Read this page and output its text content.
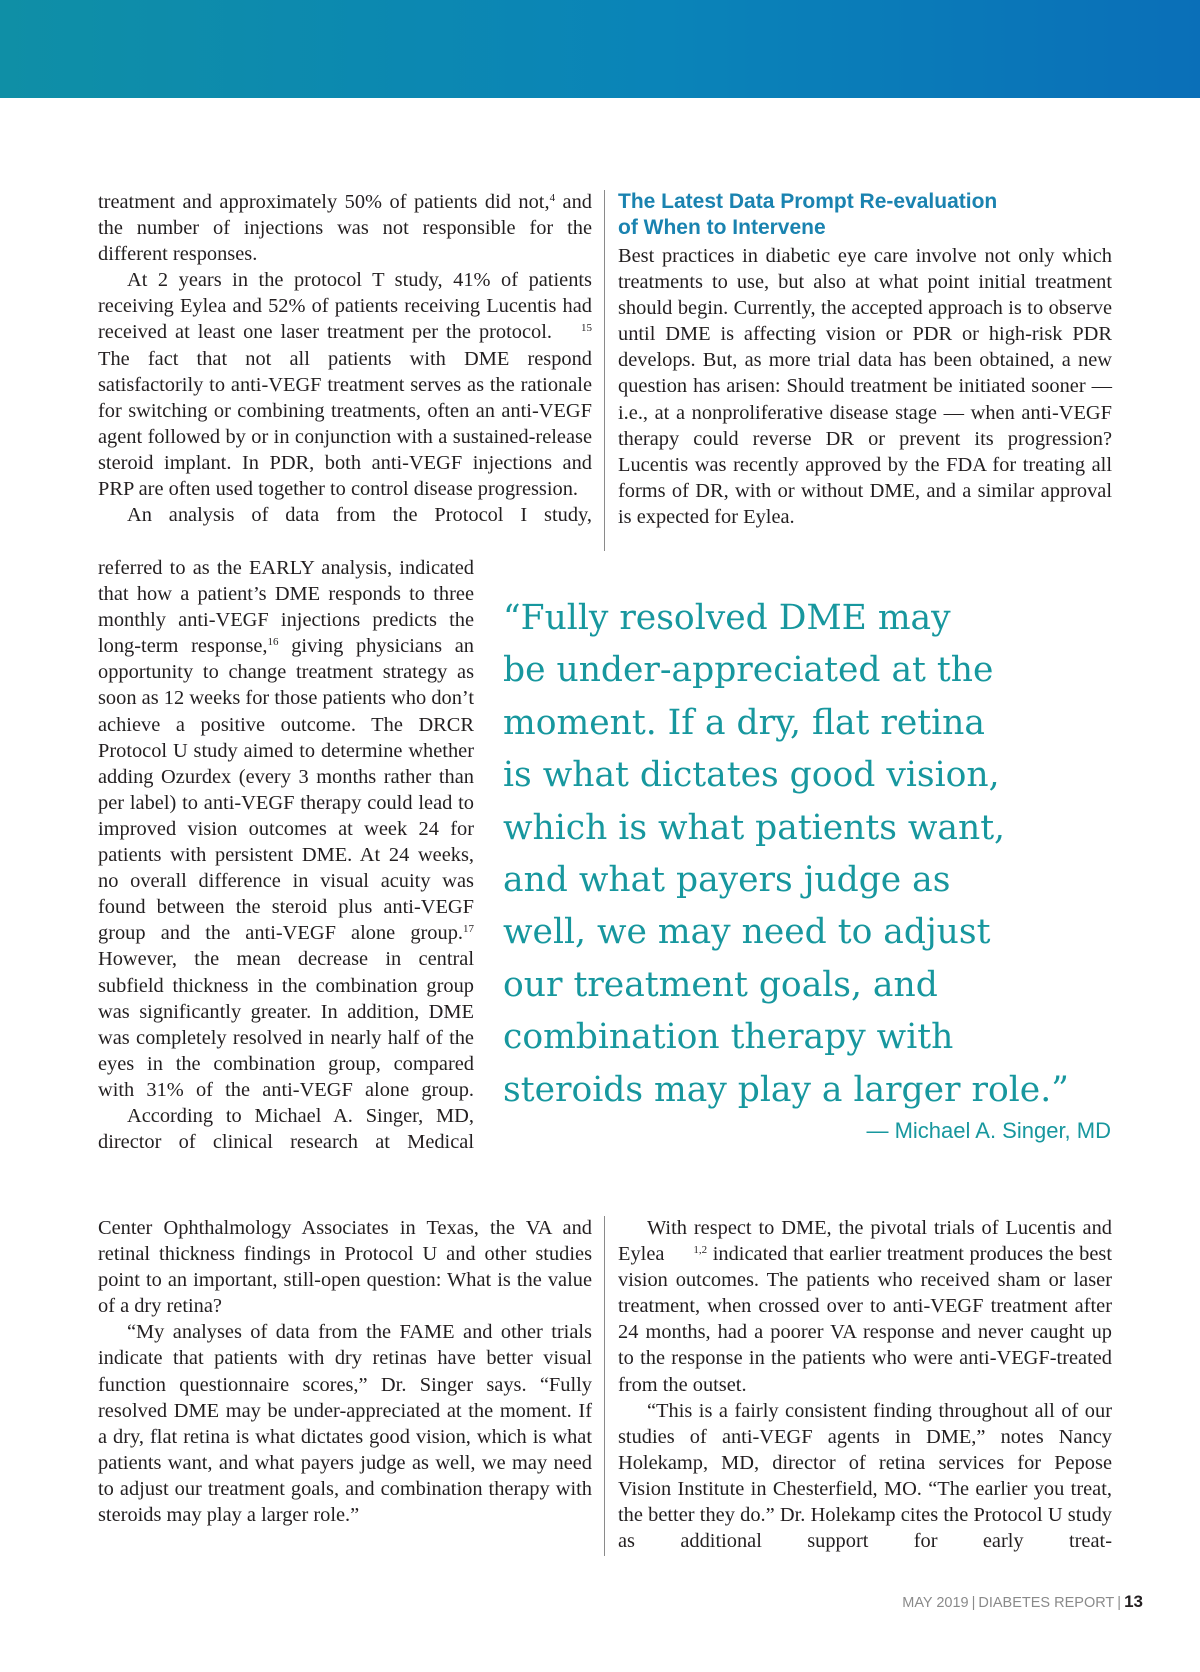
treatment and approximately 50% of patients did not,4 and the number of injections was not responsible for the different responses.

At 2 years in the protocol T study, 41% of patients receiving Eylea and 52% of patients receiving Lucentis had received at least one laser treatment per the protocol.	15 The fact that not all patients with DME respond satisfactorily to anti-VEGF treatment serves as the rationale for switching or combining treatments, often an anti-VEGF agent followed by or in conjunction with a sustained-release steroid implant. In PDR, both anti-VEGF injections and PRP are often used together to control disease progression.

An analysis of data from the Protocol I study,

referred to as the EARLY analysis, indicated that how a patient’s DME responds to three monthly anti-VEGF injections predicts the long-term response,16 giving physicians an opportunity to change treatment strategy as soon as 12 weeks for those patients who don’t achieve a positive outcome. The DRCR Protocol U study aimed to determine whether adding Ozurdex (every 3 months rather than per label) to anti-VEGF therapy could lead to improved vision outcomes at week 24 for patients with persistent DME. At 24 weeks, no overall difference in visual acuity was found between the steroid plus anti-VEGF group and the anti-VEGF alone group.17 However, the mean decrease in central subfield thickness in the combination group was significantly greater. In addition, DME was completely resolved in nearly half of the eyes in the combination group, compared with 31% of the anti-VEGF alone group.

According to Michael A. Singer, MD, director of clinical research at Medical

Center Ophthalmology Associates in Texas, the VA and retinal thickness findings in Protocol U and other studies point to an important, still-open question: What is the value of a dry retina?

“My analyses of data from the FAME and other trials indicate that patients with dry retinas have better visual function questionnaire scores,” Dr. Singer says. “Fully resolved DME may be under-appreciated at the moment. If a dry, flat retina is what dictates good vision, which is what patients want, and what payers judge as well, we may need to adjust our treatment goals, and combination therapy with steroids may play a larger role.”

The Latest Data Prompt Re-evaluation
of When to Intervene

Best practices in diabetic eye care involve not only which treatments to use, but also at what point initial treatment should begin. Currently, the accepted approach is to observe until DME is affecting vision or PDR or high-risk PDR develops. But, as more trial data has been obtained, a new question has arisen: Should treatment be initiated sooner — i.e., at a nonproliferative disease stage — when anti-VEGF therapy could reverse DR or prevent its progression? Lucentis was recently approved by the FDA for treating all forms of DR, with or without DME, and a similar approval is expected for Eylea.

“Fully resolved DME may
be under-appreciated at the
moment. If a dry, flat retina
is what dictates good vision,
which is what patients want,
and what payers judge as
well, we may need to adjust
our treatment goals, and
combination therapy with
steroids may play a larger role.”
— Michael A. Singer, MD

With respect to DME, the pivotal trials of Lucentis and Eylea	1,2 indicated that earlier treatment produces the best vision outcomes. The patients who received sham or laser treatment, when crossed over to anti-VEGF treatment after 24 months, had a poorer VA response and never caught up to the response in the patients who were anti-VEGF-treated from the outset.

“This is a fairly consistent finding throughout all of our studies of anti-VEGF agents in DME,” notes Nancy Holekamp, MD, director of retina services for Pepose Vision Institute in Chesterfield, MO. “The earlier you treat, the better they do.” Dr. Holekamp cites the Protocol U study as additional support for early treat-

MAY 2019 | DIABETES REPORT | 13
